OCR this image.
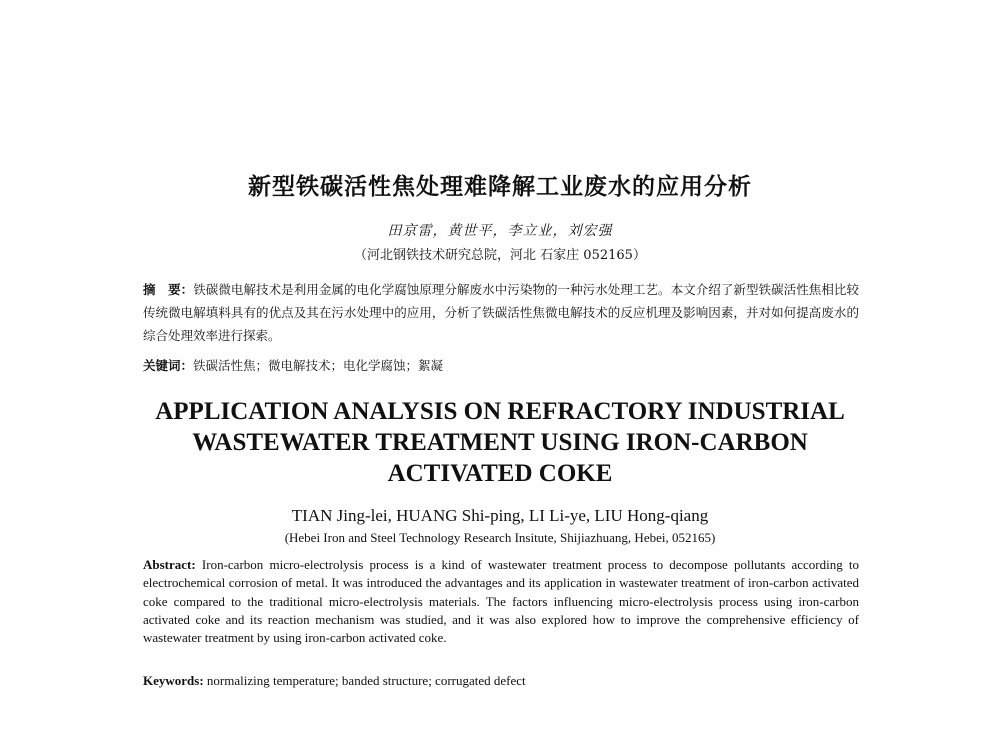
新型铁碳活性焦处理难降解工业废水的应用分析
田京雷，黄世平，李立业，刘宏强
（河北钢铁技术研究总院，河北 石家庄 052165）
摘　要：铁碳微电解技术是利用金属的电化学腐蚀原理分解废水中污染物的一种污水处理工艺。本文介绍了新型铁碳活性焦相比较传统微电解填料具有的优点及其在污水处理中的应用，分析了铁碳活性焦微电解技术的反应机理及影响因素，并对如何提高废水的综合处理效率进行探索。
关键词：铁碳活性焦；微电解技术；电化学腐蚀；絮凝
APPLICATION ANALYSIS ON REFRACTORY INDUSTRIAL
WASTEWATER TREATMENT USING IRON-CARBON
ACTIVATED COKE
TIAN Jing-lei, HUANG Shi-ping, LI Li-ye, LIU Hong-qiang
(Hebei Iron and Steel Technology Research Insitute, Shijiazhuang, Hebei, 052165)
Abstract: Iron-carbon micro-electrolysis process is a kind of wastewater treatment process to decompose pollutants according to electrochemical corrosion of metal. It was introduced the advantages and its application in wastewater treatment of iron-carbon activated coke compared to the traditional micro-electrolysis materials. The factors influencing micro-electrolysis process using iron-carbon activated coke and its reaction mechanism was studied, and it was also explored how to improve the comprehensive efficiency of wastewater treatment by using iron-carbon activated coke.
Keywords: normalizing temperature; banded structure; corrugated defect
